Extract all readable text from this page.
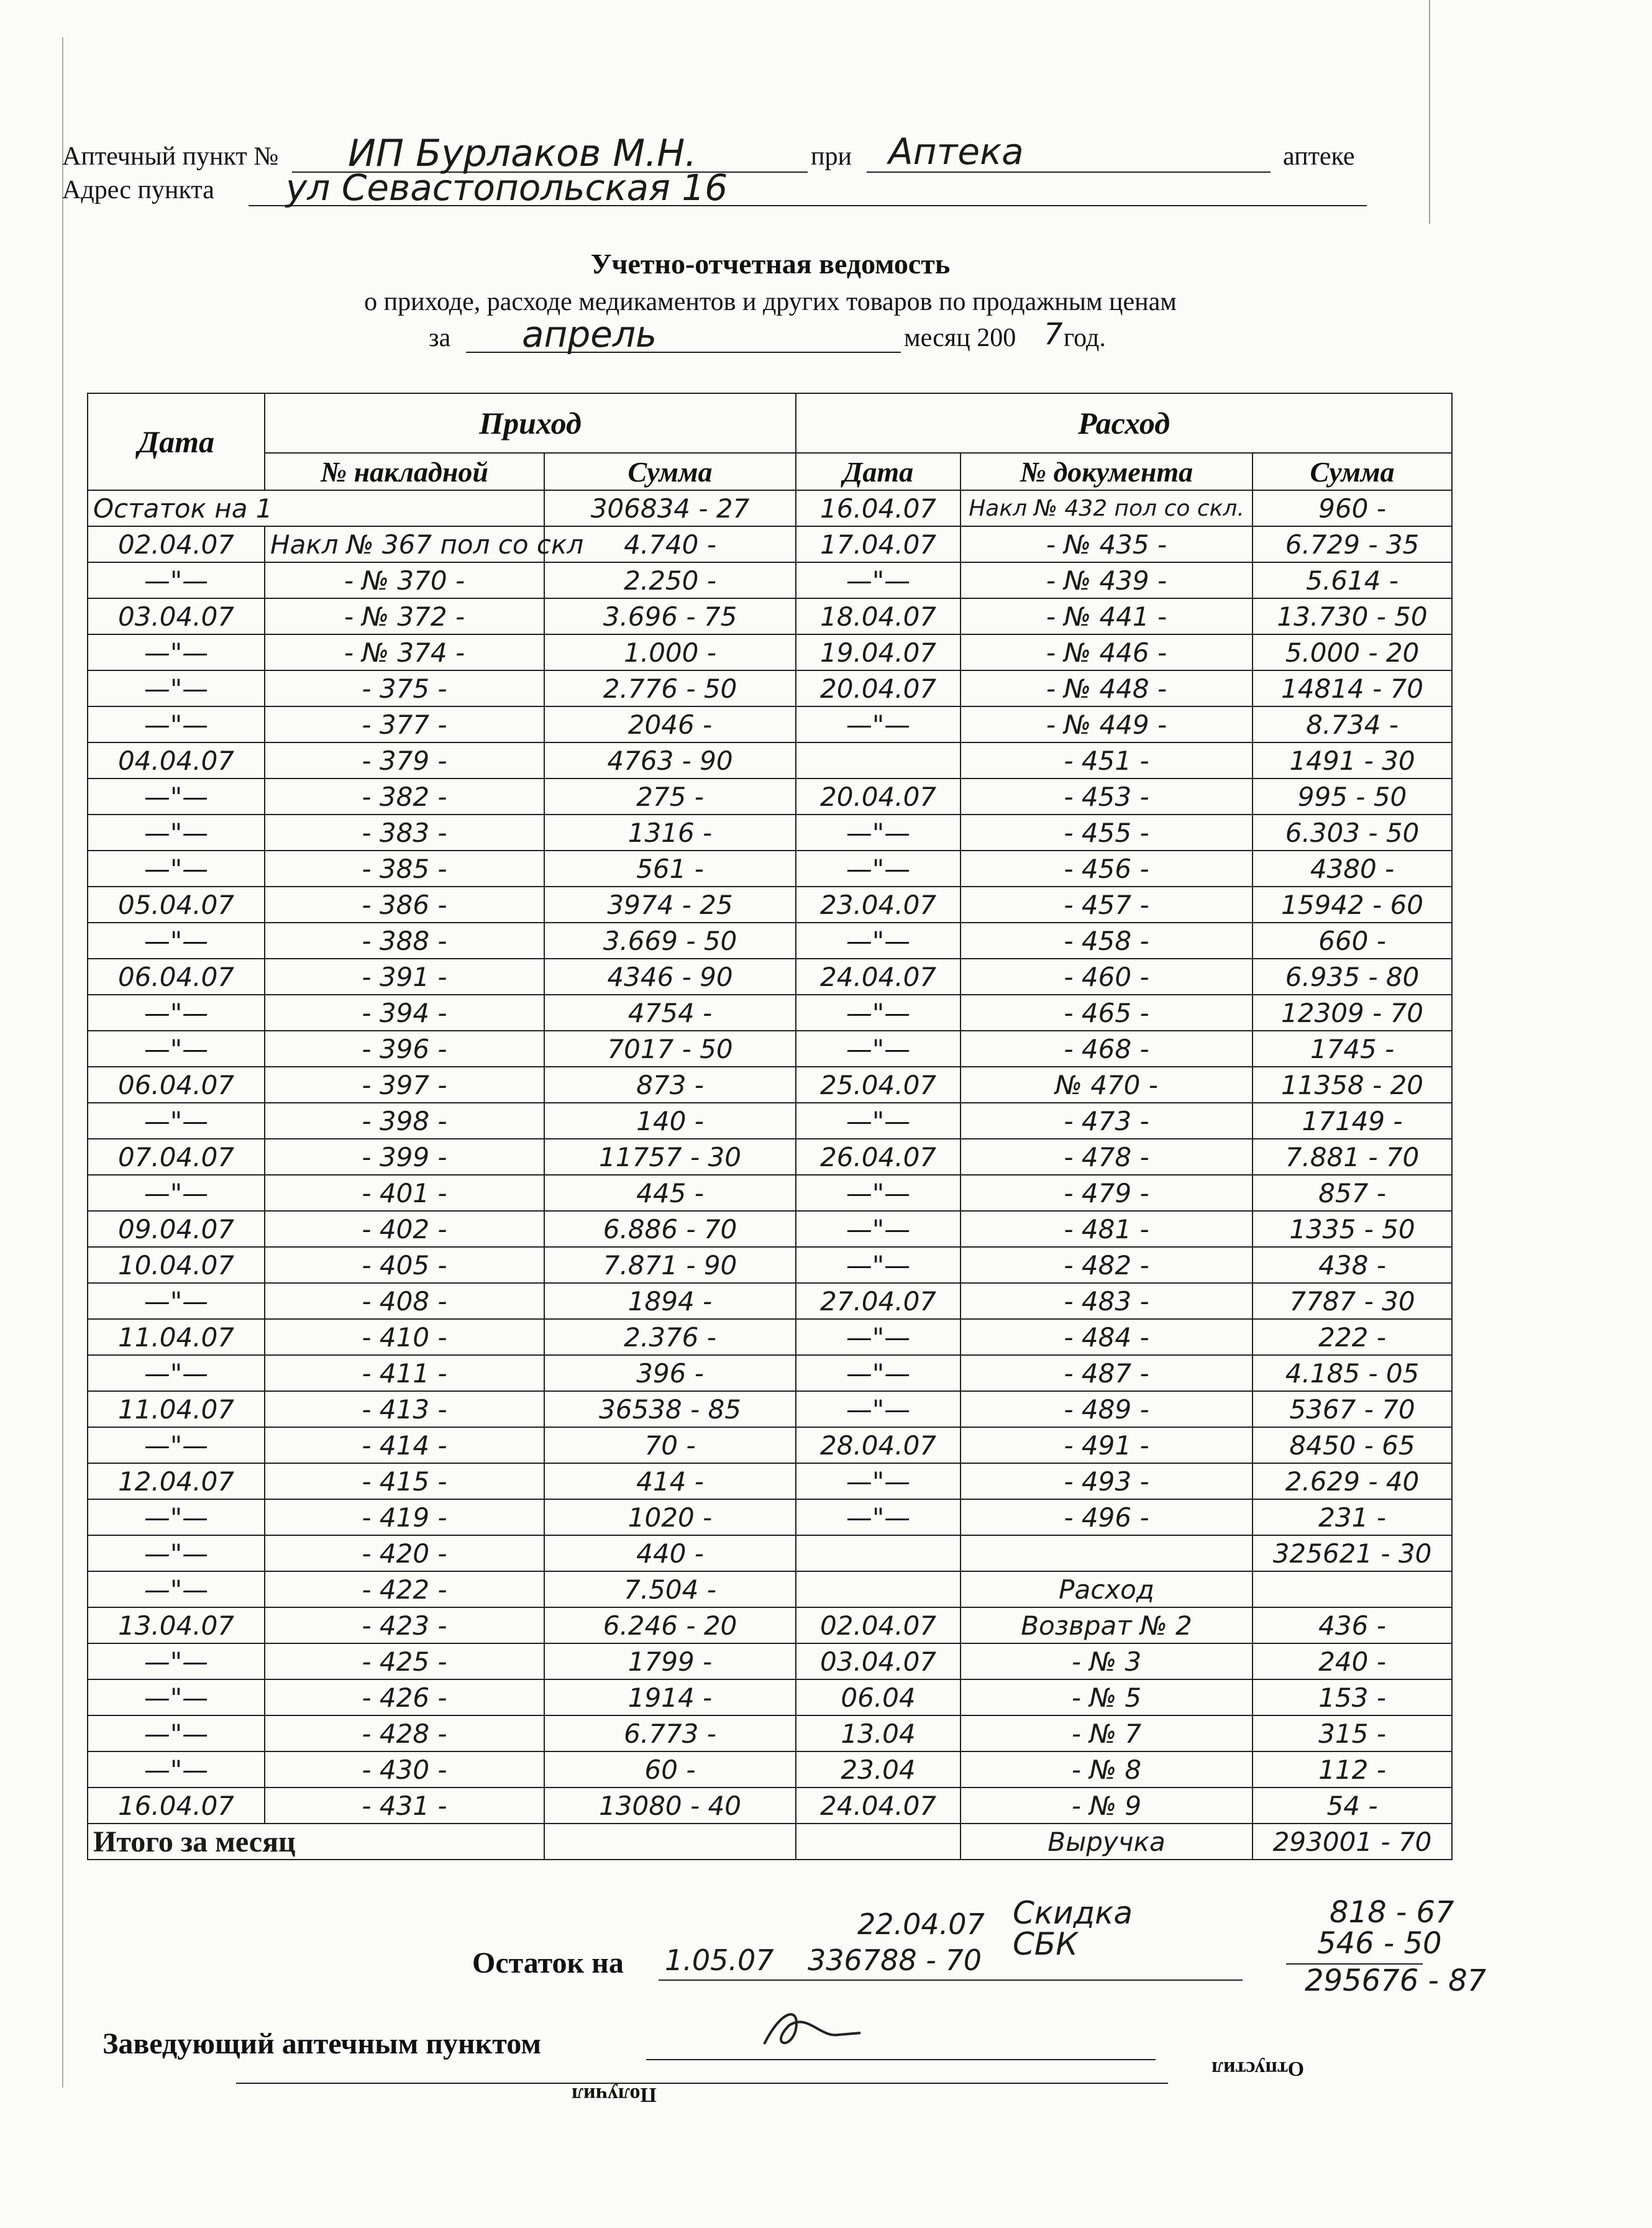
Аптечный пункт № ИП Бурлаков М.Н.	при Аптека	аптеке
Адрес пункта ул Севастопольская 16
Учетно-отчетная ведомость
о приходе, расходе медикаментов и других товаров по продажным ценам
за апрель	месяц 200 7 год.
Дата	Приход		Расход		
	№ накладной	Сумма	Дата	№ документа	Сумма
Остаток на 1		306834 - 27	16.04.07	Накл № 432 пол со скл.	960 -
02.04.07	Накл № 367 пол со скл	4.740 -	17.04.07	- № 435 -	6.729 - 35
—"—	- № 370 -	2.250 -	—"—	- № 439 -	5.614 -
03.04.07	- № 372 -	3.696 - 75	18.04.07	- № 441 -	13.730 - 50
—"—	- № 374 -	1.000 -	19.04.07	- № 446 -	5.000 - 20
—"—	- 375 -	2.776 - 50	20.04.07	- № 448 -	14814 - 70
—"—	- 377 -	2046 -	—"—	- № 449 -	8.734 -
04.04.07	- 379 -	4763 - 90		- 451 -	1491 - 30
—"—	- 382 -	275 -	20.04.07	- 453 -	995 - 50
—"—	- 383 -	1316 -	—"—	- 455 -	6.303 - 50
—"—	- 385 -	561 -	—"—	- 456 -	4380 -
05.04.07	- 386 -	3974 - 25	23.04.07	- 457 -	15942 - 60
—"—	- 388 -	3.669 - 50	—"—	- 458 -	660 -
06.04.07	- 391 -	4346 - 90	24.04.07	- 460 -	6.935 - 80
—"—	- 394 -	4754 -	—"—	- 465 -	12309 - 70
—"—	- 396 -	7017 - 50	—"—	- 468 -	1745 -
06.04.07	- 397 -	873 -	25.04.07	№ 470 -	11358 - 20
—"—	- 398 -	140 -	—"—	- 473 -	17149 -
07.04.07	- 399 -	11757 - 30	26.04.07	- 478 -	7.881 - 70
—"—	- 401 -	445 -	—"—	- 479 -	857 -
09.04.07	- 402 -	6.886 - 70	—"—	- 481 -	1335 - 50
10.04.07	- 405 -	7.871 - 90	—"—	- 482 -	438 -
—"—	- 408 -	1894 -	27.04.07	- 483 -	7787 - 30
11.04.07	- 410 -	2.376 -	—"—	- 484 -	222 -
—"—	- 411 -	396 -	—"—	- 487 -	4.185 - 05
11.04.07	- 413 -	36538 - 85	—"—	- 489 -	5367 - 70
—"—	- 414 -	70 -	28.04.07	- 491 -	8450 - 65
12.04.07	- 415 -	414 -	—"—	- 493 -	2.629 - 40
—"—	- 419 -	1020 -	—"—	- 496 -	231 -
—"—	- 420 -	440 -			325621 - 30
—"—	- 422 -	7.504 -		Расход	
13.04.07	- 423 -	6.246 - 20	02.04.07	Возврат № 2	436 -
—"—	- 425 -	1799 -	03.04.07	- № 3	240 -
—"—	- 426 -	1914 -	06.04	- № 5	153 -
—"—	- 428 -	6.773 -	13.04	- № 7	315 -
—"—	- 430 -	60 -	23.04	- № 8	112 -
16.04.07	- 431 -	13080 - 40	24.04.07	- № 9	54 -
Итого за месяц				Выручка	293001 - 70
Скидка	818 - 67
22.04.07
СБК	546 - 50
295676 - 87
Остаток на 1.05.07 336788 - 70
Заведующий аптечным пунктом
Получил
Отпустил
